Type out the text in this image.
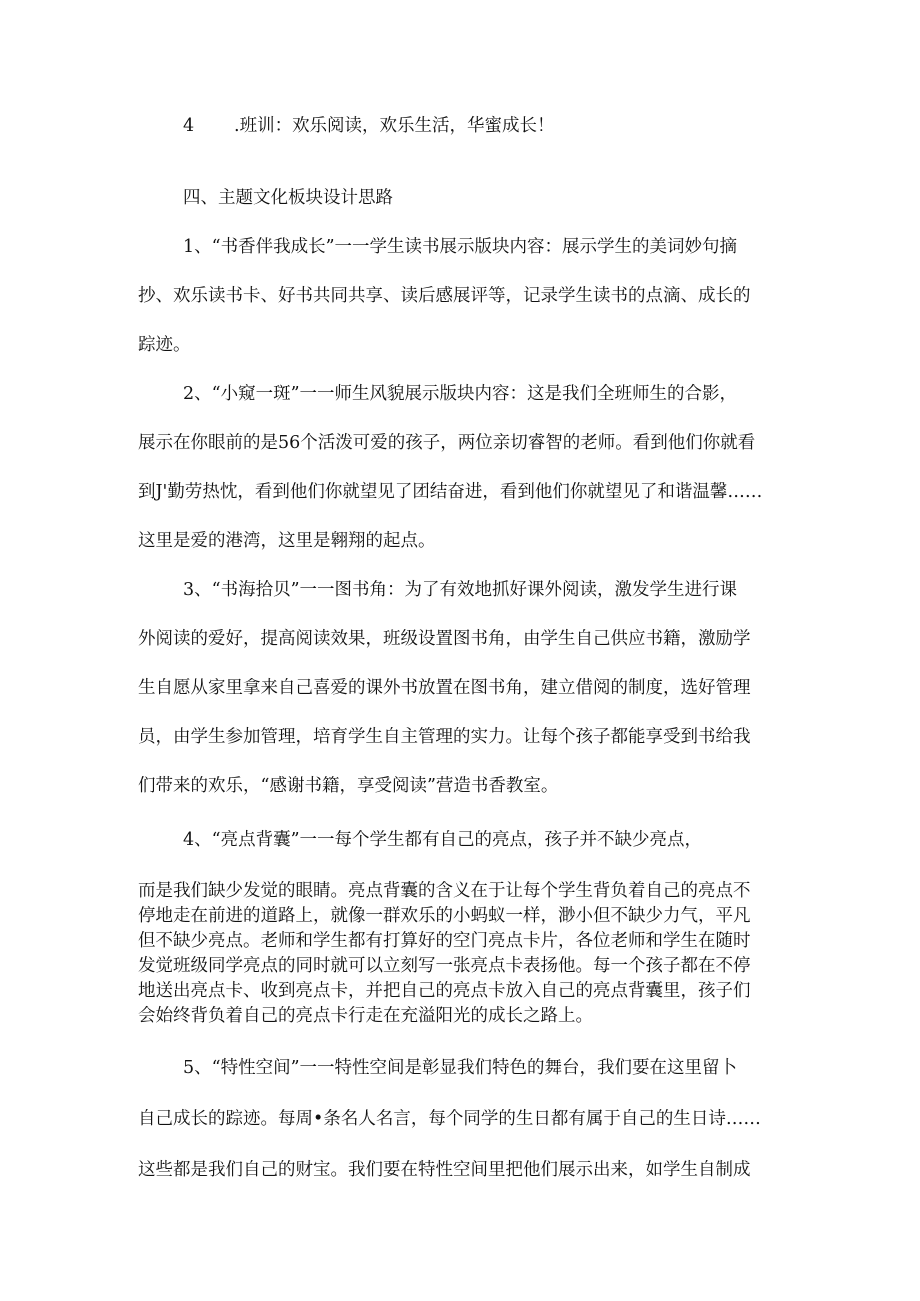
4 .班训：欢乐阅读，欢乐生活，华蜜成长！
四、主题文化板块设计思路
1、“书香伴我成长”一一学生读书展示版块内容：展示学生的美词妙句摘
抄、欢乐读书卡、好书共同共享、读后感展评等，记录学生读书的点滴、成长的
踪迹。
2、“小窥一斑”一一师生风貌展示版块内容：这是我们全班师生的合影，
展示在你眼前的是56个活泼可爱的孩子，两位亲切睿智的老师。看到他们你就看
到J'勤劳热忱，看到他们你就望见了团结奋进，看到他们你就望见了和谐温馨……
这里是爱的港湾，这里是翱翔的起点。
3、“书海拾贝”一一图书角：为了有效地抓好课外阅读，激发学生进行课
外阅读的爱好，提高阅读效果，班级设置图书角，由学生自己供应书籍，激励学
生自愿从家里拿来自己喜爱的课外书放置在图书角，建立借阅的制度，选好管理
员，由学生参加管理，培育学生自主管理的实力。让每个孩子都能享受到书给我
们带来的欢乐，“感谢书籍，享受阅读”营造书香教室。
4、“亮点背囊”一一每个学生都有自己的亮点，孩子并不缺少亮点，
而是我们缺少发觉的眼睛。亮点背囊的含义在于让每个学生背负着自己的亮点不
停地走在前进的道路上，就像一群欢乐的小蚂蚁一样，渺小但不缺少力气，平凡
但不缺少亮点。老师和学生都有打算好的空门亮点卡片，各位老师和学生在随时
发觉班级同学亮点的同时就可以立刻写一张亮点卡表扬他。每一个孩子都在不停
地送出亮点卡、收到亮点卡，并把自己的亮点卡放入自己的亮点背囊里，孩子们
会始终背负着自己的亮点卡行走在充溢阳光的成长之路上。
5、“特性空间”一一特性空间是彰显我们特色的舞台，我们要在这里留卜
自己成长的踪迹。每周•条名人名言，每个同学的生日都有属于自己的生日诗……
这些都是我们自己的财宝。我们要在特性空间里把他们展示出来，如学生自制成
